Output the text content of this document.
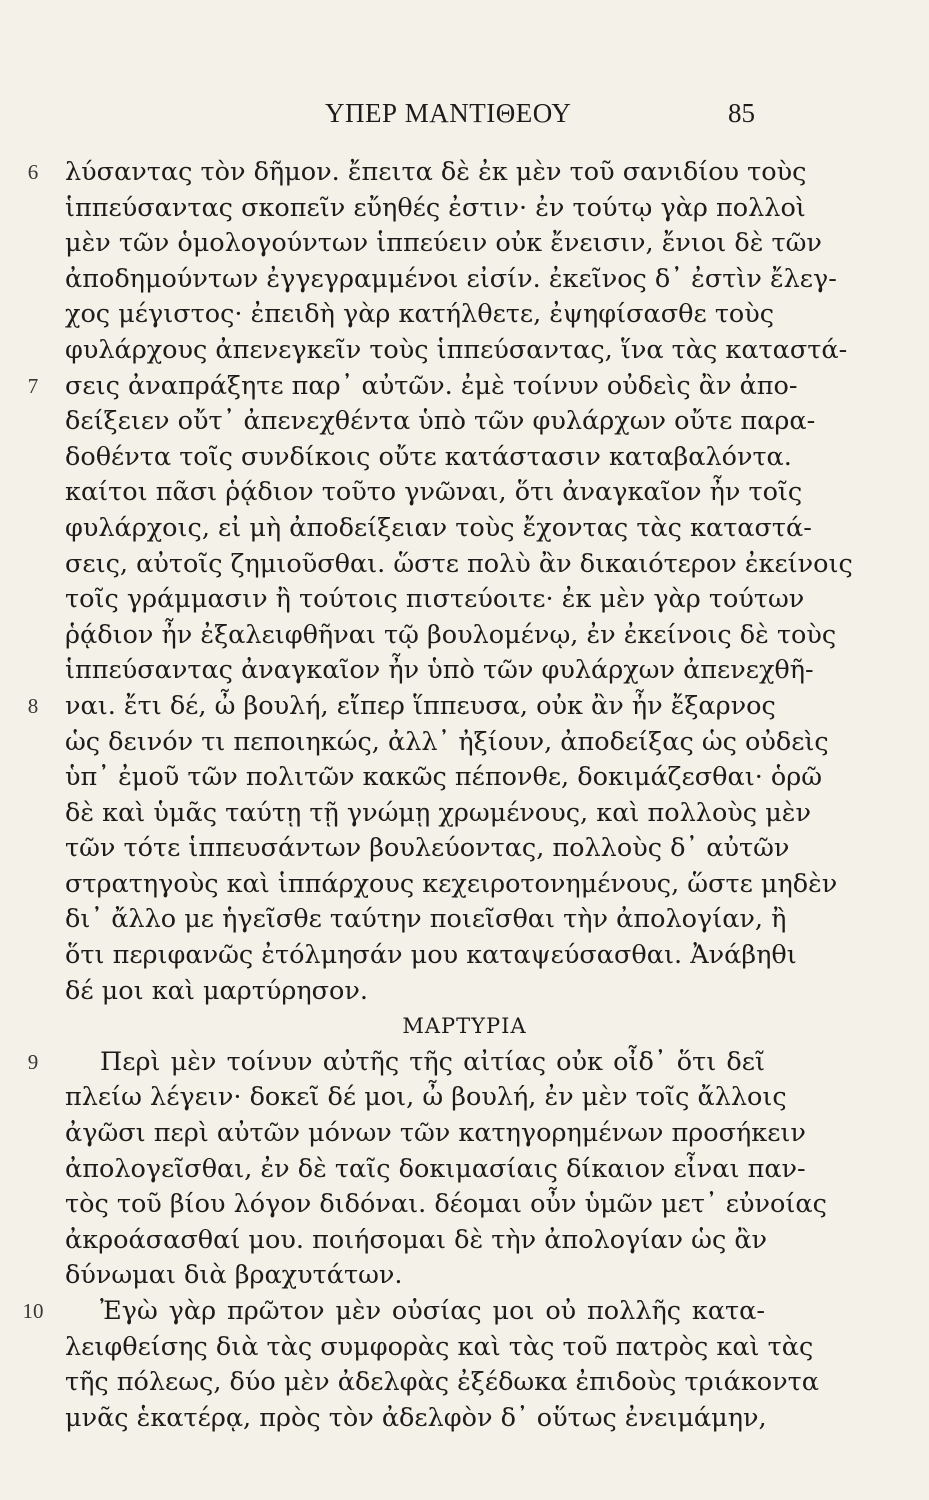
ΥΠΕΡ ΜΑΝΤΙΘΕΟΥ	85
6	λύσαντας τὸν δῆμον. ἔπειτα δὲ ἐκ μὲν τοῦ σανιδίου τοὺς
ἱππεύσαντας σκοπεῖν εὔηθές ἐστιν· ἐν τούτῳ γὰρ πολλοὶ
μὲν τῶν ὁμολογούντων ἱππεύειν οὐκ ἔνεισιν, ἔνιοι δὲ τῶν
ἀποδημούντων ἐγγεγραμμένοι εἰσίν. ἐκεῖνος δ᾿ ἐστὶν ἔλεγ-
χος μέγιστος· ἐπειδὴ γὰρ κατήλθετε, ἐψηφίσασθε τοὺς
φυλάρχους ἀπενεγκεῖν τοὺς ἱππεύσαντας, ἵνα τὰς καταστά-
7	σεις ἀναπράξητε παρ᾿ αὐτῶν. ἐμὲ τοίνυν οὐδεὶς ἂν ἀπο-
δείξειεν οὔτ᾿ ἀπενεχθέντα ὑπὸ τῶν φυλάρχων οὔτε παρα-
δοθέντα τοῖς συνδίκοις οὔτε κατάστασιν καταβαλόντα.
καίτοι πᾶσι ῥᾴδιον τοῦτο γνῶναι, ὅτι ἀναγκαῖον ἦν τοῖς
φυλάρχοις, εἰ μὴ ἀποδείξειαν τοὺς ἔχοντας τὰς καταστά-
σεις, αὐτοῖς ζημιοῦσθαι. ὥστε πολὺ ἂν δικαιότερον ἐκείνοις
τοῖς γράμμασιν ἢ τούτοις πιστεύοιτε· ἐκ μὲν γὰρ τούτων
ῥᾴδιον ἦν ἐξαλειφθῆναι τῷ βουλομένῳ, ἐν ἐκείνοις δὲ τοὺς
ἱππεύσαντας ἀναγκαῖον ἦν ὑπὸ τῶν φυλάρχων ἀπενεχθῆ-
8	ναι. ἔτι δέ, ὦ βουλή, εἴπερ ἵππευσα, οὐκ ἂν ἦν ἔξαρνος
ὡς δεινόν τι πεποιηκώς, ἀλλ᾿ ἠξίουν, ἀποδείξας ὡς οὐδεὶς
ὑπ᾿ ἐμοῦ τῶν πολιτῶν κακῶς πέπονθε, δοκιμάζεσθαι· ὁρῶ
δὲ καὶ ὑμᾶς ταύτῃ τῇ γνώμῃ χρωμένους, καὶ πολλοὺς μὲν
τῶν τότε ἱππευσάντων βουλεύοντας, πολλοὺς δ᾿ αὐτῶν
στρατηγοὺς καὶ ἱππάρχους κεχειροτονημένους, ὥστε μηδὲν
δι᾿ ἄλλο με ἡγεῖσθε ταύτην ποιεῖσθαι τὴν ἀπολογίαν, ἢ
ὅτι περιφανῶς ἐτόλμησάν μου καταψεύσασθαι. Ἀνάβηθι
δέ μοι καὶ μαρτύρησον.
ΜΑΡΤΥΡΙΑ
9	Περὶ μὲν τοίνυν αὐτῆς τῆς αἰτίας οὐκ οἶδ᾿ ὅτι δεῖ
πλείω λέγειν· δοκεῖ δέ μοι, ὦ βουλή, ἐν μὲν τοῖς ἄλλοις
ἀγῶσι περὶ αὐτῶν μόνων τῶν κατηγορημένων προσήκειν
ἀπολογεῖσθαι, ἐν δὲ ταῖς δοκιμασίαις δίκαιον εἶναι παν-
τὸς τοῦ βίου λόγον διδόναι. δέομαι οὖν ὑμῶν μετ᾿ εὐνοίας
ἀκροάσασθαί μου. ποιήσομαι δὲ τὴν ἀπολογίαν ὡς ἂν
δύνωμαι διὰ βραχυτάτων.
10 Ἐγὼ γὰρ πρῶτον μὲν οὐσίας μοι οὐ πολλῆς κατα-
λειφθείσης διὰ τὰς συμφορὰς καὶ τὰς τοῦ πατρὸς καὶ τὰς
τῆς πόλεως, δύο μὲν ἀδελφὰς ἐξέδωκα ἐπιδοὺς τριάκοντα
μνᾶς ἑκατέρᾳ, πρὸς τὸν ἀδελφὸν δ᾿ οὕτως ἐνειμάμην,
